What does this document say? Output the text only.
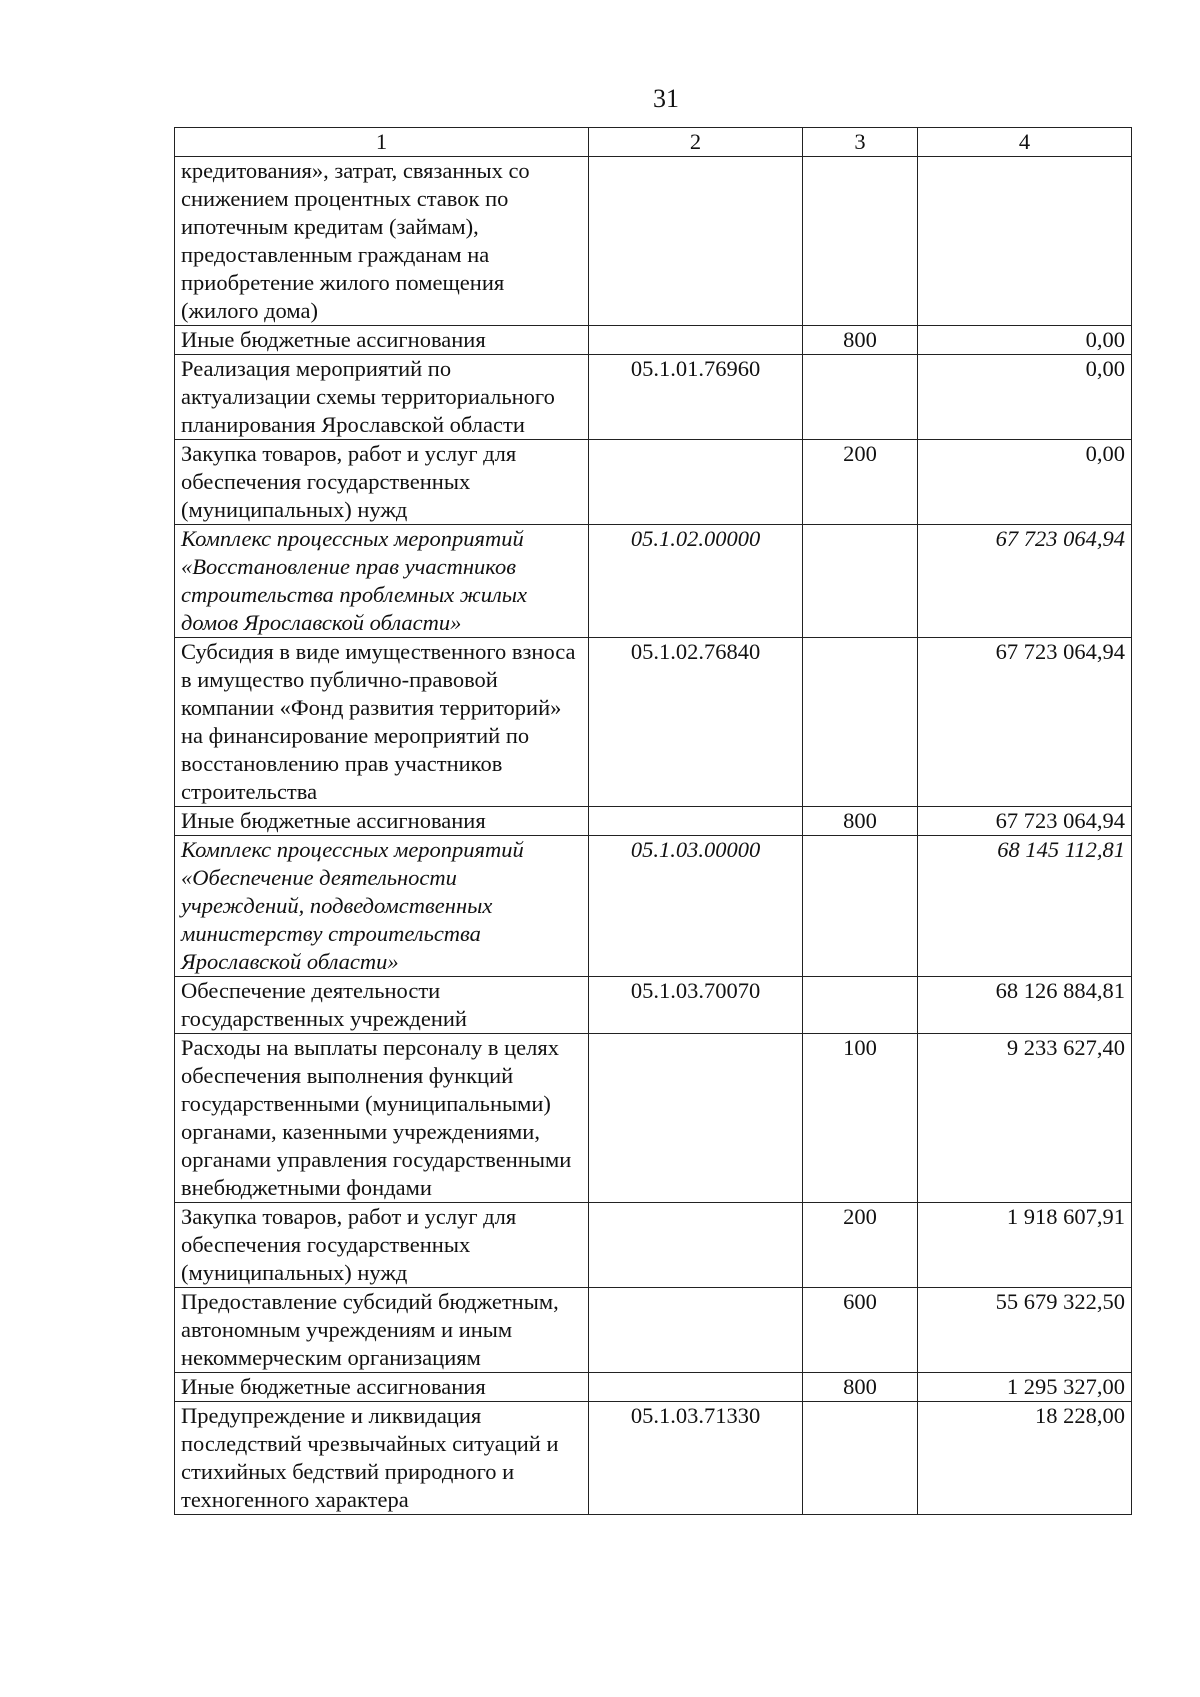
31
1	2	3	4
кредитования», затрат, связанных со снижением процентных ставок по ипотечным кредитам (займам), предоставленным гражданам на приобретение жилого помещения (жилого дома)			
Иные бюджетные ассигнования		800	0,00
Реализация мероприятий по актуализации схемы территориального планирования Ярославской области	05.1.01.76960		0,00
Закупка товаров, работ и услуг для обеспечения государственных (муниципальных) нужд		200	0,00
Комплекс процессных мероприятий «Восстановление прав участников строительства проблемных жилых домов Ярославской области»	05.1.02.00000		67 723 064,94
Субсидия в виде имущественного взноса в имущество публично-правовой компании «Фонд развития территорий» на финансирование мероприятий по восстановлению прав участников строительства	05.1.02.76840		67 723 064,94
Иные бюджетные ассигнования		800	67 723 064,94
Комплекс процессных мероприятий «Обеспечение деятельности учреждений, подведомственных министерству строительства Ярославской области»	05.1.03.00000		68 145 112,81
Обеспечение деятельности государственных учреждений	05.1.03.70070		68 126 884,81
Расходы на выплаты персоналу в целях обеспечения выполнения функций государственными (муниципальными) органами, казенными учреждениями, органами управления государственными внебюджетными фондами		100	9 233 627,40
Закупка товаров, работ и услуг для обеспечения государственных (муниципальных) нужд		200	1 918 607,91
Предоставление субсидий бюджетным, автономным учреждениям и иным некоммерческим организациям		600	55 679 322,50
Иные бюджетные ассигнования		800	1 295 327,00
Предупреждение и ликвидация последствий чрезвычайных ситуаций и стихийных бедствий природного и техногенного характера	05.1.03.71330		18 228,00
